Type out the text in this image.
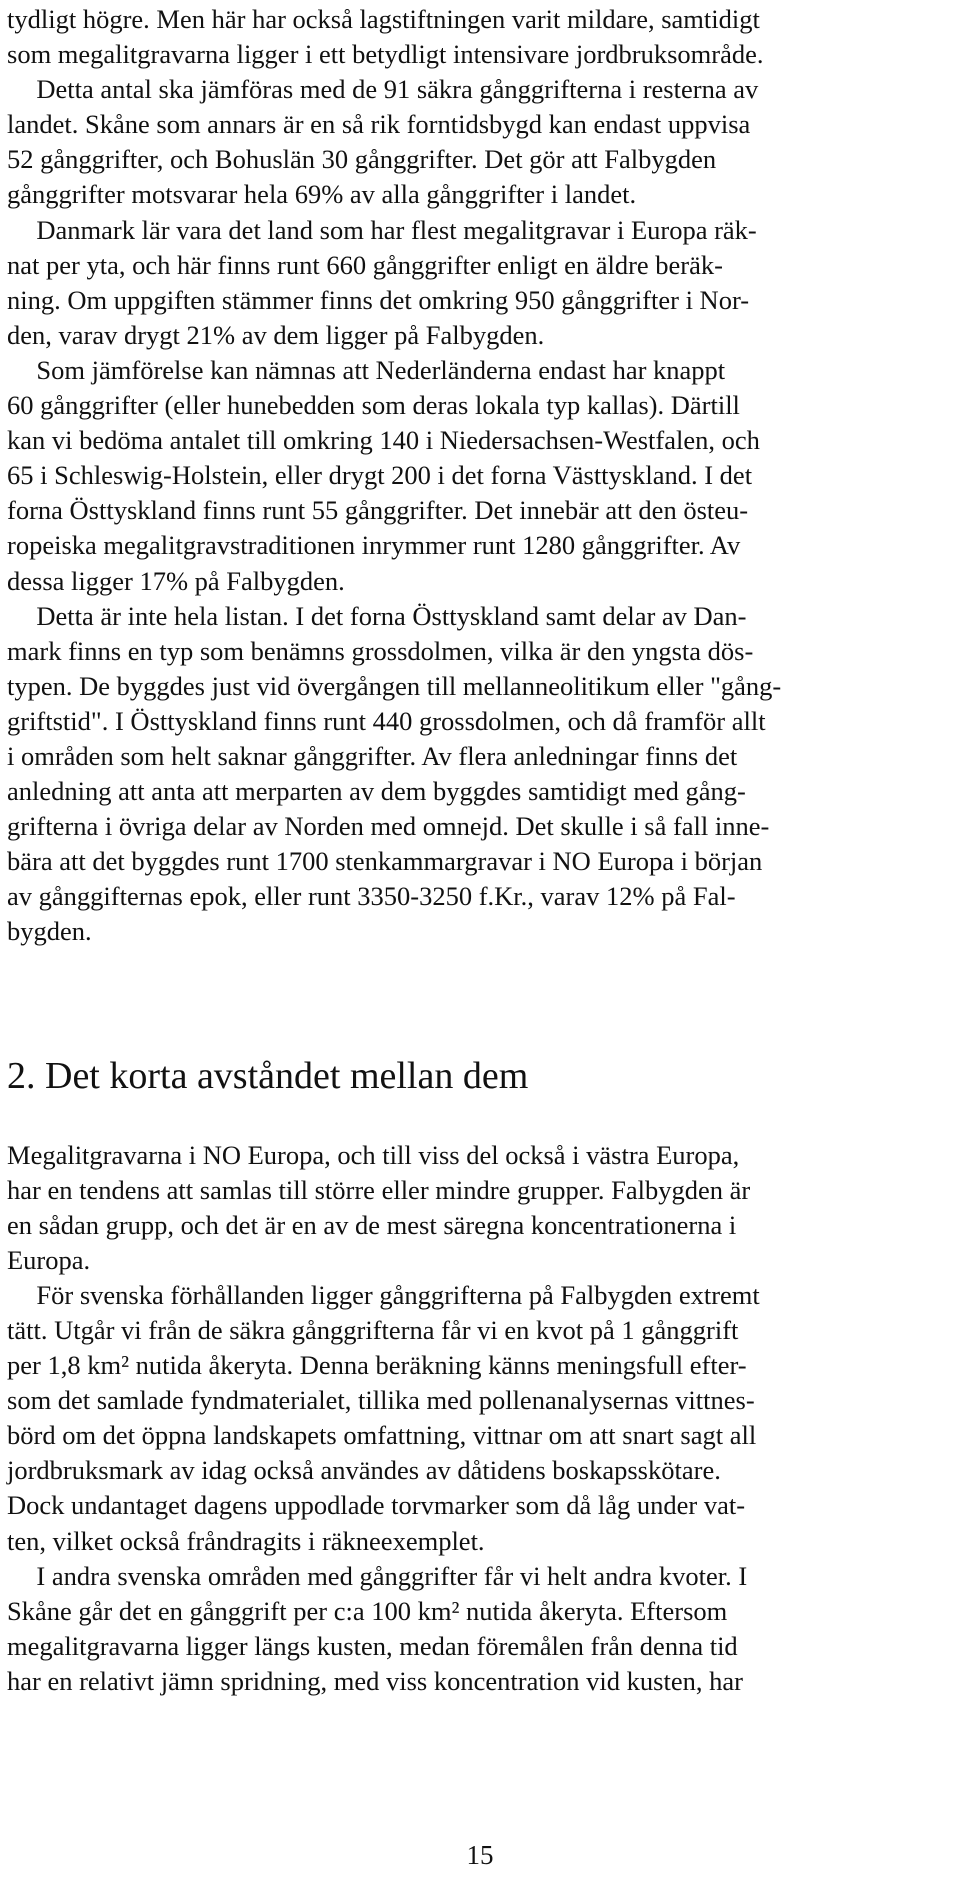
tydligt högre. Men här har också lagstiftningen varit mildare, samtidigt

som megalitgravarna ligger i ett betydligt intensivare jordbruksområde.

Detta antal ska jämföras med de 91 säkra gånggrifterna i resterna av

landet. Skåne som annars är en så rik forntidsbygd kan endast uppvisa

52 gånggrifter, och Bohuslän 30 gånggrifter. Det gör att Falbygden

gånggrifter motsvarar hela 69% av alla gånggrifter i landet.

Danmark lär vara det land som har flest megalitgravar i Europa räk-

nat per yta, och här finns runt 660 gånggrifter enligt en äldre beräk-

ning. Om uppgiften stämmer finns det omkring 950 gånggrifter i Nor-

den, varav drygt 21% av dem ligger på Falbygden.

Som jämförelse kan nämnas att Nederländerna endast har knappt

60 gånggrifter (eller hunebedden som deras lokala typ kallas). Därtill

kan vi bedöma antalet till omkring 140 i Niedersachsen-Westfalen, och

65 i Schleswig-Holstein, eller drygt 200 i det forna Västtyskland. I det

forna Östtyskland finns runt 55 gånggrifter. Det innebär att den östeu-

ropeiska megalitgravstraditionen inrymmer runt 1280 gånggrifter. Av

dessa ligger 17% på Falbygden.

Detta är inte hela listan. I det forna Östtyskland samt delar av Dan-

mark finns en typ som benämns grossdolmen, vilka är den yngsta dös-

typen. De byggdes just vid övergången till mellanneolitikum eller "gång-

griftstid". I Östtyskland finns runt 440 grossdolmen, och då framför allt

i områden som helt saknar gånggrifter. Av flera anledningar finns det

anledning att anta att merparten av dem byggdes samtidigt med gång-

grifterna i övriga delar av Norden med omnejd. Det skulle i så fall inne-

bära att det byggdes runt 1700 stenkammargravar i NO Europa i början

av gånggifternas epok, eller runt 3350-3250 f.Kr., varav 12% på Fal-

bygden.

2. Det korta avståndet mellan dem

Megalitgravarna i NO Europa, och till viss del också i västra Europa,

har en tendens att samlas till större eller mindre grupper. Falbygden är

en sådan grupp, och det är en av de mest säregna koncentrationerna i

Europa.

För svenska förhållanden ligger gånggrifterna på Falbygden extremt

tätt. Utgår vi från de säkra gånggrifterna får vi en kvot på 1 gånggrift

per 1,8 km² nutida åkeryta. Denna beräkning känns meningsfull efter-

som det samlade fyndmaterialet, tillika med pollenanalysernas vittnes-

börd om det öppna landskapets omfattning, vittnar om att snart sagt all

jordbruksmark av idag också användes av dåtidens boskapsskötare.

Dock undantaget dagens uppodlade torvmarker som då låg under vat-

ten, vilket också fråndragits i räkneexemplet.

I andra svenska områden med gånggrifter får vi helt andra kvoter. I

Skåne går det en gånggrift per c:a 100 km² nutida åkeryta. Eftersom

megalitgravarna ligger längs kusten, medan föremålen från denna tid

har en relativt jämn spridning, med viss koncentration vid kusten, har

15
